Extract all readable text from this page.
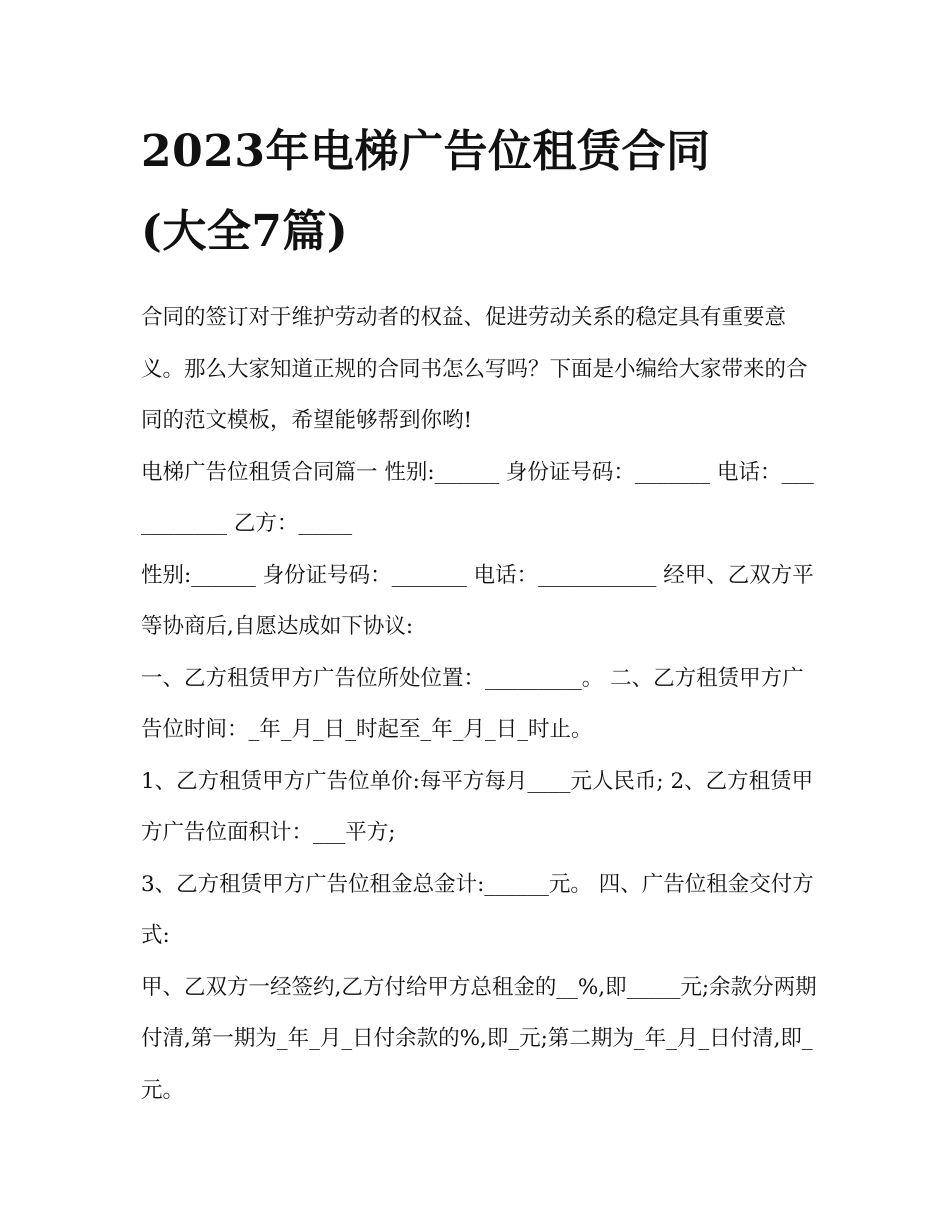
2023年电梯广告位租赁合同
(大全7篇)

合同的签订对于维护劳动者的权益、促进劳动关系的稳定具有重要意义。那么大家知道正规的合同书怎么写吗？下面是小编给大家带来的合同的范文模板，希望能够帮到你哟!

电梯广告位租赁合同篇一 性别:______ 身份证号码：_______ 电话：___________ 乙方：_____

性别:______ 身份证号码：_______ 电话：___________ 经甲、乙双方平等协商后,自愿达成如下协议:

一、乙方租赁甲方广告位所处位置：_________。 二、乙方租赁甲方广告位时间：_年_月_日_时起至_年_月_日_时止。

1、乙方租赁甲方广告位单价:每平方每月____元人民币; 2、乙方租赁甲方广告位面积计：___平方;

3、乙方租赁甲方广告位租金总金计:______元。 四、广告位租金交付方式:

甲、乙双方一经签约,乙方付给甲方总租金的__%,即_____元;余款分两期付清,第一期为_年_月_日付余款的%,即_元;第二期为_年_月_日付清,即_元。
